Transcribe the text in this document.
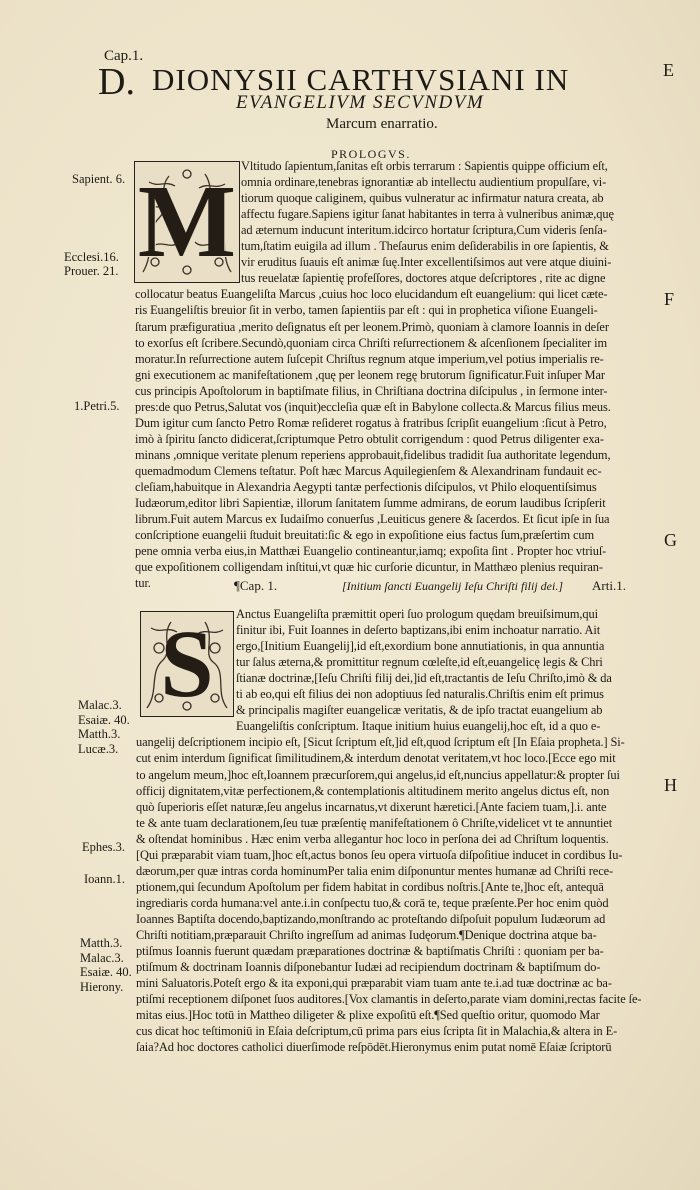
Cap.1.
D. DIONYSII CARTHVSIANI IN
EVANGELIVM SECVNDVM
Marcum enarratio.
PROLOGVS.
E
F
G
H
Sapient. 6.
Ecclesi.16.
Prouer. 21.
1.Petri.5.
Malac.3.
Esaiæ. 40.
Matth.3.
Lucæ.3.
Ephes.3.
Ioann.1.
Matth.3.
Malac.3.
Esaiæ. 40.
Hierony.
M Vltitudo ſapientum,ſanitas eſt orbis terrarum : Sapientis quippe officium eſt,
omnia ordinare,tenebras ignorantiæ ab intellectu audientium propulſare, vi-
tiorum quoque caliginem, quibus vulneratur ac infirmatur natura creata, ab
affectu fugare.Sapiens igitur ſanat habitantes in terra à vulneribus animæ,quę
ad æternum inducunt interitum.idcirco hortatur ſcriptura,Cum videris ſenſa-
tum,ſtatim euigila ad illum . Theſaurus enim deſiderabilis in ore ſapientis, &
vir eruditus ſuauis eſt animæ ſuę.Inter excellentiſsimos aut vere atque diuini-
tus reuelatæ ſapientię profeſſores, doctores atque deſcriptores , rite ac digne
collocatur beatus Euangeliſta Marcus ,cuius hoc loco elucidandum eſt euangelium: qui licet cæte-
ris Euangeliſtis breuior ſit in verbo, tamen ſapientiis par eſt : qui in prophetica viſione Euangeli-
ſtarum præfiguratiua ,merito deſignatus eſt per leonem.Primò, quoniam à clamore Ioannis in deſer
to exorſus eſt ſcribere.Secundò,quoniam circa Chriſti reſurrectionem & aſcenſionem ſpecialiter im
moratur.In reſurrectione autem ſuſcepit Chriſtus regnum atque imperium,vel potius imperialis re-
gni executionem ac manifeſtationem ,quę per leonem regę brutorum ſignificatur.Fuit inſuper Mar
cus principis Apoſtolorum in baptiſmate filius, in Chriſtiana doctrina diſcipulus , in ſermone inter-
pres:de quo Petrus,Salutat vos (inquit)eccleſia quæ eſt in Babylone collecta.& Marcus filius meus.
Dum igitur cum ſancto Petro Romæ reſideret rogatus à fratribus ſcripſit euangelium :ſicut à Petro,
imò à ſpiritu ſancto didicerat,ſcriptumque Petro obtulit corrigendum : quod Petrus diligenter exa-
minans ,omnique veritate plenum reperiens approbauit,fidelibus tradidit ſua authoritate legendum,
quemadmodum Clemens teſtatur. Poſt hæc Marcus Aquilegienſem & Alexandrinam fundauit ec-
cleſiam,habuitque in Alexandria Aegypti tantæ perfectionis diſcipulos, vt Philo eloquentiſsimus
Iudæorum,editor libri Sapientiæ, illorum ſanitatem ſumme admirans, de eorum laudibus ſcripſerit
librum.Fuit autem Marcus ex Iudaiſmo conuerſus ,Leuiticus genere & ſacerdos. Et ſicut ipſe in ſua
conſcriptione euangelii ſtuduit breuitati:ſic & ego in expoſitione eius factus ſum,præſertim cum
pene omnia verba eius,in Matthæi Euangelio contineantur,iamq; expoſita ſint . Propter hoc vtriuſ-
que expoſitionem colligendam inſtitui,vt quæ hic curſorie dicuntur, in Matthæo plenius requiran-
tur.	¶Cap. 1.	[Initium ſancti Euangelij Ieſu Chriſti filij dei.] Arti.1.
S Anctus Euangeliſta præmittit operi ſuo prologum quędam breuiſsimum,qui
finitur ibi, Fuit Ioannes in deſerto baptizans,ibi enim inchoatur narratio. Ait
ergo,[Initium Euangelij],id eſt,exordium bone annutiationis, in qua annuntia
tur ſalus æterna,& promittitur regnum cœleſte,id eſt,euangelicę legis & Chri
ſtianæ doctrinæ,[Ieſu Chriſti filij dei,]id eſt,tractantis de Ieſu Chriſto,imò & da
ti ab eo,qui eſt filius dei non adoptiuus ſed naturalis.Chriſtis enim eſt primus
& principalis magiſter euangelicæ veritatis, & de ipſo tractat euangelium ab
Euangeliſtis conſcriptum. Itaque initium huius euangelij,hoc eſt, id a quo e-
uangelij deſcriptionem incipio eſt, [Sicut ſcriptum eſt,]id eſt,quod ſcriptum eſt [In Eſaia propheta.] Si-
cut enim interdum ſignificat ſimilitudinem,& interdum denotat veritatem,vt hoc loco.[Ecce ego mit
to angelum meum,]hoc eſt,Ioannem præcurſorem,qui angelus,id eſt,nuncius appellatur:& propter ſui
officij dignitatem,vitæ perfectionem,& contemplationis altitudinem merito angelus dictus eſt, non
quò ſuperioris eſſet naturæ,ſeu angelus incarnatus,vt dixerunt hæretici.[Ante faciem tuam,].i. ante
te & ante tuam declarationem,ſeu tuæ præſentię manifeſtationem ô Chriſte,videlicet vt te annuntiet
& oſtendat hominibus . Hæc enim verba allegantur hoc loco in perſona dei ad Chriſtum loquentis.
[Qui præparabit viam tuam,]hoc eſt,actus bonos ſeu opera virtuoſa diſpoſitiue inducet in cordibus Iu-
dæorum,per quæ intras corda hominumPer talia enim diſponuntur mentes humanæ ad Chriſti rece-
ptionem,qui ſecundum Apoſtolum per fidem habitat in cordibus noſtris.[Ante te,]hoc eſt, antequā
ingrediaris corda humana:vel ante.i.in conſpectu tuo,& corā te, teque præſente.Per hoc enim quòd
Ioannes Baptiſta docendo,baptizando,monſtrando ac proteſtando diſpoſuit populum Iudæorum ad
Chriſti notitiam,præparauit Chriſto ingreſſum ad animas Iudęorum.¶Denique doctrina atque ba-
ptiſmus Ioannis fuerunt quædam præparationes doctrinæ & baptiſmatis Chriſti : quoniam per ba-
ptiſmum & doctrinam Ioannis diſponebantur Iudæi ad recipiendum doctrinam & baptiſmum do-
mini Saluatoris.Poteſt ergo & ita exponi,qui præparabit viam tuam ante te.i.ad tuæ doctrinæ ac ba-
ptiſmi receptionem diſponet ſuos auditores.[Vox clamantis in deſerto,parate viam domini,rectas facite ſe-
mitas eius.]Hoc totū in Mattheo diligeter & plixe expoſitū eſt.¶Sed queſtio oritur, quomodo Mar
cus dicat hoc teſtimoniū in Eſaia deſcriptum,cū prima pars eius ſcripta ſit in Malachia,& altera in E-
ſaia?Ad hoc doctores catholici diuerſimode reſpōdēt.Hieronymus enim putat nomē Eſaiæ ſcriptorū
